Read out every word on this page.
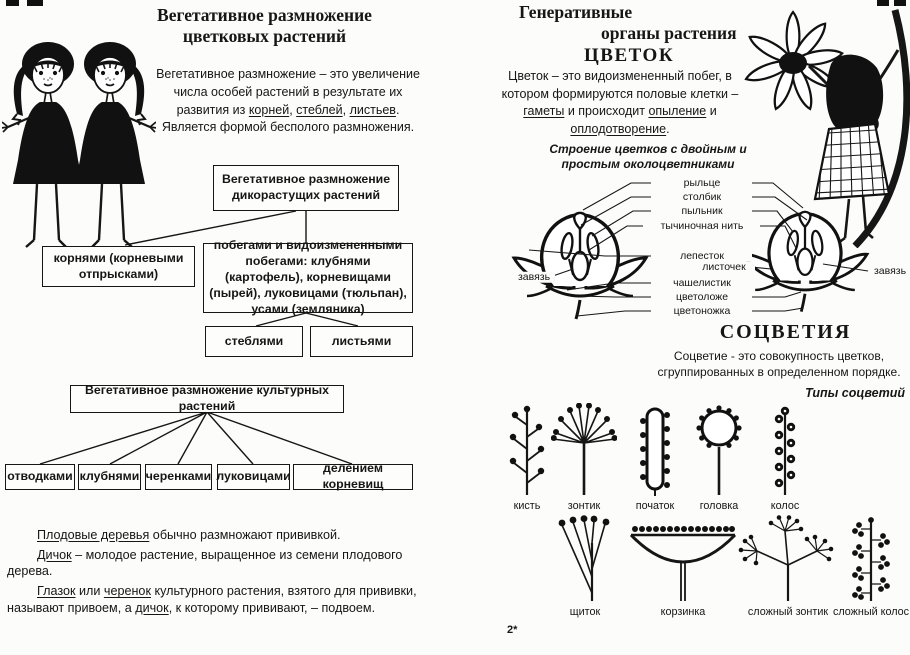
Вегетативное размножение
цветковых растений
Вегетативное размножение – это увеличение числа особей растений в результате их развития из корней, стеблей, листьев. Является формой бесполого размножения.
Вегетативное размножение дикорастущих растений
корнями (корневыми отпрысками)
побегами и видоизмененными побегами: клубнями (картофель), корневищами (пырей), луковицами (тюльпан), усами (земляника)
стеблями	листьями
Вегетативное размножение культурных растений
отводками клубнями черенками луковицами
делением корневищ

Плодовые деревья обычно размножают прививкой.

Дичок – молодое растение, выращенное из семени плодового дерева.

Глазок или черенок культурного растения, взятого для прививки, называют привоем, а дичок, к которому прививают, – подвоем.

Генеративные
органы растения
ЦВЕТОК
Цветок – это видоизмененный побег, в котором формируются половые клетки – гаметы и происходит опыление и оплодотворение.
Строение цветков с двойным и простым околоцветниками
рыльце
столбик
пыльник
тычиночная нить
лепесток
листочек
чашелистик
цветоложе
цветоножка
завязь	завязь
СОЦВЕТИЯ
Соцветие - это совокупность цветков, сгруппированных в определенном порядке.
Типы соцветий
кисть	зонтик	початок головка	колос
щиток	корзинка	сложный зонтик сложный колос
2*
